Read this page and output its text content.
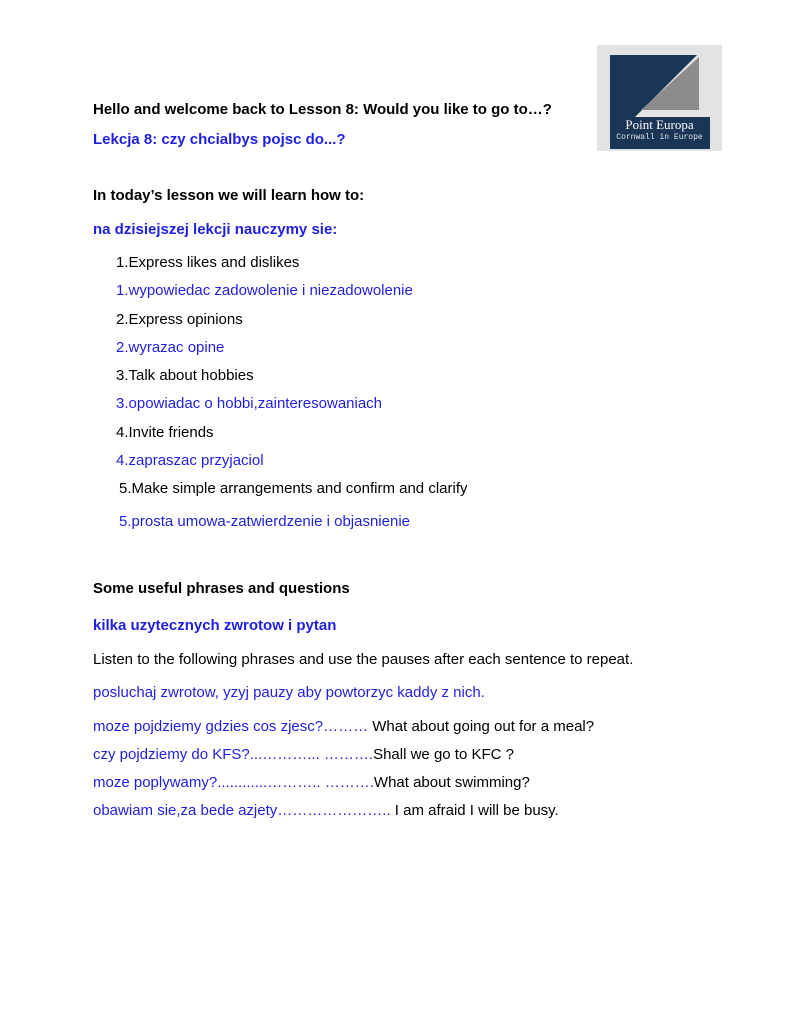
Point Europa
Cornwall in Europe
Hello and welcome back to Lesson 8: Would you like to go to…?
Lekcja 8: czy chcialbys pojsc do...?
In today’s lesson we will learn how to:
na dzisiejszej lekcji nauczymy sie:
1.Express likes and dislikes
1.wypowiedac zadowolenie i niezadowolenie
2.Express opinions
2.wyrazac opine
3.Talk about hobbies
3.opowiadac o hobbi,zainteresowaniach
4.Invite friends
4.zapraszac przyjaciol
5.Make simple arrangements and confirm and clarify
5.prosta umowa-zatwierdzenie i objasnienie
Some useful phrases and questions
kilka uzytecznych zwrotow i pytan
Listen to the following phrases and use the pauses after each sentence to repeat.
posluchaj zwrotow, yzyj pauzy aby powtorzyc kaddy z nich.
moze pojdziemy gdzies cos zjesc?……… What about going out for a meal?
czy pojdziemy do KFS?...………... ……….Shall we go to KFC ?
moze poplywamy?............……….. ……….What about swimming?
obawiam sie,za bede azjety………………….. I am afraid I will be busy.
